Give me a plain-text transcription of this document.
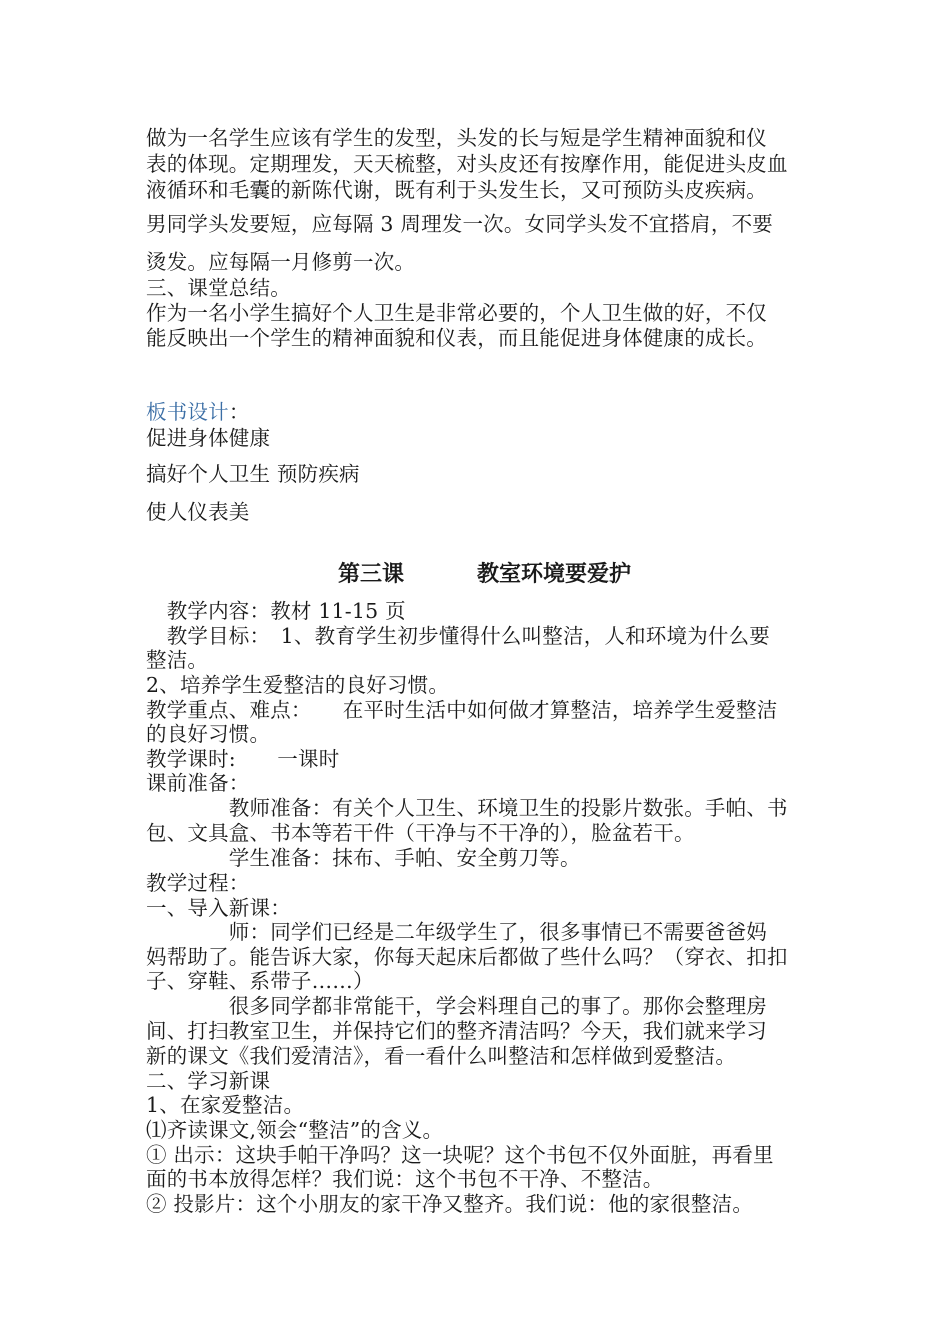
做为一名学生应该有学生的发型，头发的长与短是学生精神面貌和仪
表的体现。定期理发，天天梳整，对头皮还有按摩作用，能促进头皮血
液循环和毛囊的新陈代谢，既有利于头发生长，又可预防头皮疾病。
男同学头发要短，应每隔 3 周理发一次。女同学头发不宜搭肩，不要
烫发。应每隔一月修剪一次。
三、课堂总结。
作为一名小学生搞好个人卫生是非常必要的，个人卫生做的好，不仅
能反映出一个学生的精神面貌和仪表，而且能促进身体健康的成长。
板书设计：
促进身体健康
搞好个人卫生 预防疾病
使人仪表美
第三课	教室环境要爱护
　教学内容：教材 11-15 页
　教学目标：　1、教育学生初步懂得什么叫整洁，人和环境为什么要
整洁。
2、培养学生爱整洁的良好习惯。
教学重点、难点：　　在平时生活中如何做才算整洁，培养学生爱整洁
的良好习惯。
教学课时:　　一课时
课前准备：
　　　　教师准备：有关个人卫生、环境卫生的投影片数张。手帕、书
包、文具盒、书本等若干件（干净与不干净的），脸盆若干。
　　　　学生准备：抹布、手帕、安全剪刀等。
教学过程：
一、导入新课：
　　　　师：同学们已经是二年级学生了，很多事情已不需要爸爸妈
妈帮助了。能告诉大家，你每天起床后都做了些什么吗？（穿衣、扣扣
子、穿鞋、系带子……）
　　　　很多同学都非常能干，学会料理自己的事了。那你会整理房
间、打扫教室卫生，并保持它们的整齐清洁吗？今天，我们就来学习
新的课文《我们爱清洁》，看一看什么叫整洁和怎样做到爱整洁。
二、学习新课
1、在家爱整洁。
⑴齐读课文,领会“整洁”的含义。
① 出示：这块手帕干净吗？这一块呢？这个书包不仅外面脏，再看里
面的书本放得怎样？我们说：这个书包不干净、不整洁。
② 投影片：这个小朋友的家干净又整齐。我们说：他的家很整洁。
